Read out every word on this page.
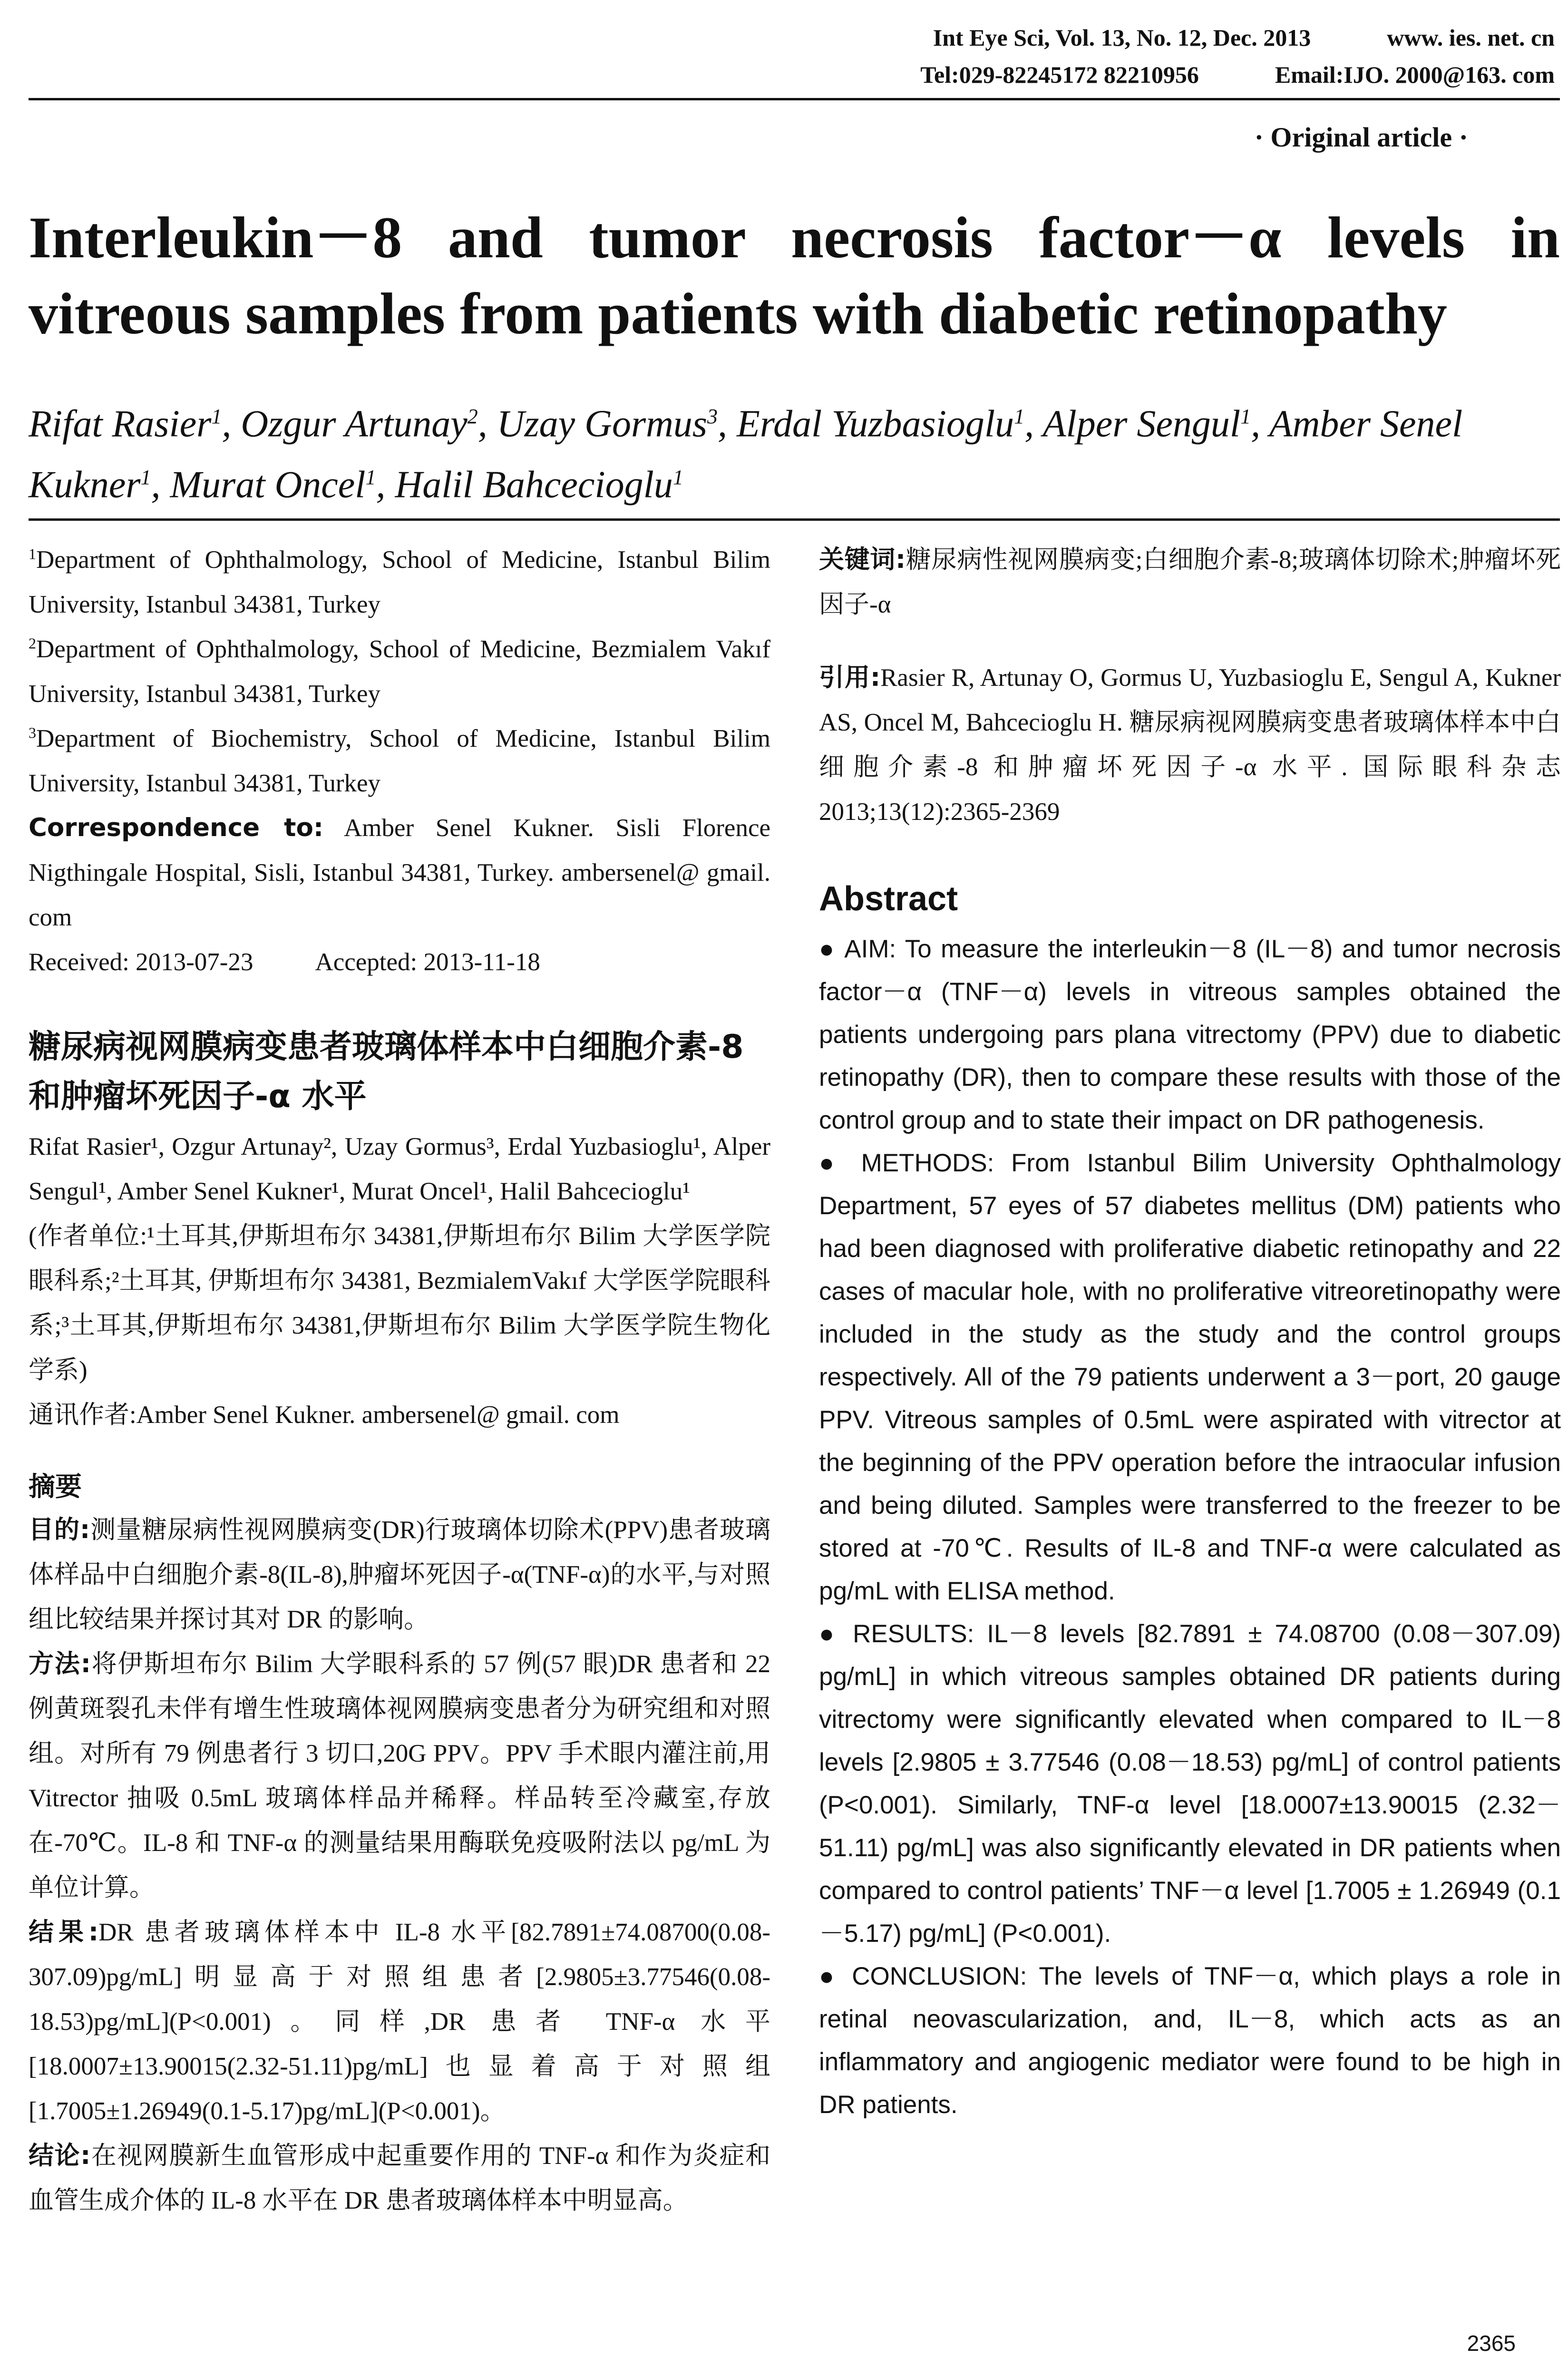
Int Eye Sci, Vol. 13, No. 12, Dec. 2013	www. ies. net. cn
Tel:029-82245172 82210956	Email:IJO. 2000@163. com
· Original article ·
Interleukin－8 and tumor necrosis factor－α levels in vitreous samples from patients with diabetic retinopathy
Rifat Rasier$^1$, Ozgur Artunay$^2$, Uzay Gormus$^3$, Erdal Yuzbasioglu$^1$, Alper Sengul$^1$, Amber Senel Kukner$^1$, Murat Oncel$^1$, Halil Bahcecioglu$^1$

$^1$Department of Ophthalmology, School of Medicine, Istanbul Bilim University, Istanbul 34381, Turkey

$^2$Department of Ophthalmology, School of Medicine, Bezmialem Vakıf University, Istanbul 34381, Turkey

$^3$Department of Biochemistry, School of Medicine, Istanbul Bilim University, Istanbul 34381, Turkey

Correspondence to: Amber Senel Kukner. Sisli Florence Nigthingale Hospital, Sisli, Istanbul 34381, Turkey. ambersenel@ gmail. com

Received: 2013-07-23 Accepted: 2013-11-18

糖尿病视网膜病变患者玻璃体样本中白细胞介素-8 和肿瘤坏死因子-α 水平

Rifat Rasier¹, Ozgur Artunay², Uzay Gormus³, Erdal Yuzbasioglu¹, Alper Sengul¹, Amber Senel Kukner¹, Murat Oncel¹, Halil Bahcecioglu¹

(作者单位:¹土耳其,伊斯坦布尔 34381,伊斯坦布尔 Bilim 大学医学院眼科系;²土耳其, 伊斯坦布尔 34381, BezmialemVakıf 大学医学院眼科系;³土耳其,伊斯坦布尔 34381,伊斯坦布尔 Bilim 大学医学院生物化学系)

通讯作者:Amber Senel Kukner. ambersenel@ gmail. com

摘要

目的:测量糖尿病性视网膜病变(DR)行玻璃体切除术(PPV)患者玻璃体样品中白细胞介素-8(IL-8),肿瘤坏死因子-α(TNF-α)的水平,与对照组比较结果并探讨其对 DR 的影响。

方法:将伊斯坦布尔 Bilim 大学眼科系的 57 例(57 眼)DR 患者和 22 例黄斑裂孔未伴有增生性玻璃体视网膜病变患者分为研究组和对照组。对所有 79 例患者行 3 切口,20G PPV。PPV 手术眼内灌注前,用 Vitrector 抽吸 0.5mL 玻璃体样品并稀释。样品转至冷藏室,存放在-70℃。IL-8 和 TNF-α 的测量结果用酶联免疫吸附法以 pg/mL 为单位计算。

结果:DR 患者玻璃体样本中 IL-8 水平[82.7891±74.08700(0.08-307.09)pg/mL]明显高于对照组患者[2.9805±3.77546(0.08-18.53)pg/mL](P<0.001)。同样,DR 患者 TNF-α 水平[18.0007±13.90015(2.32-51.11)pg/mL]也显着高于对照组[1.7005±1.26949(0.1-5.17)pg/mL](P<0.001)。

结论:在视网膜新生血管形成中起重要作用的 TNF-α 和作为炎症和血管生成介体的 IL-8 水平在 DR 患者玻璃体样本中明显高。

关键词:糖尿病性视网膜病变;白细胞介素-8;玻璃体切除术;肿瘤坏死因子-α

引用:Rasier R, Artunay O, Gormus U, Yuzbasioglu E, Sengul A, Kukner AS, Oncel M, Bahcecioglu H. 糖尿病视网膜病变患者玻璃体样本中白细胞介素-8 和肿瘤坏死因子-α 水平. 国际眼科杂志 2013;13(12):2365-2369

Abstract

● AIM: To measure the interleukin－8 (IL－8) and tumor necrosis factor－α (TNF－α) levels in vitreous samples obtained the patients undergoing pars plana vitrectomy (PPV) due to diabetic retinopathy (DR), then to compare these results with those of the control group and to state their impact on DR pathogenesis.

● METHODS: From Istanbul Bilim University Ophthalmology Department, 57 eyes of 57 diabetes mellitus (DM) patients who had been diagnosed with proliferative diabetic retinopathy and 22 cases of macular hole, with no proliferative vitreoretinopathy were included in the study as the study and the control groups respectively. All of the 79 patients underwent a 3－port, 20 gauge PPV. Vitreous samples of 0.5mL were aspirated with vitrector at the beginning of the PPV operation before the intraocular infusion and being diluted. Samples were transferred to the freezer to be stored at -70℃. Results of IL-8 and TNF-α were calculated as pg/mL with ELISA method.

● RESULTS: IL－8 levels [82.7891 ± 74.08700 (0.08－307.09) pg/mL] in which vitreous samples obtained DR patients during vitrectomy were significantly elevated when compared to IL－8 levels [2.9805 ± 3.77546 (0.08－18.53) pg/mL] of control patients (P<0.001). Similarly, TNF-α level [18.0007±13.90015 (2.32－51.11) pg/mL] was also significantly elevated in DR patients when compared to control patients’ TNF－α level [1.7005 ± 1.26949 (0.1－5.17) pg/mL] (P<0.001).

● CONCLUSION: The levels of TNF－α, which plays a role in retinal neovascularization, and, IL－8, which acts as an inflammatory and angiogenic mediator were found to be high in DR patients.

2365
